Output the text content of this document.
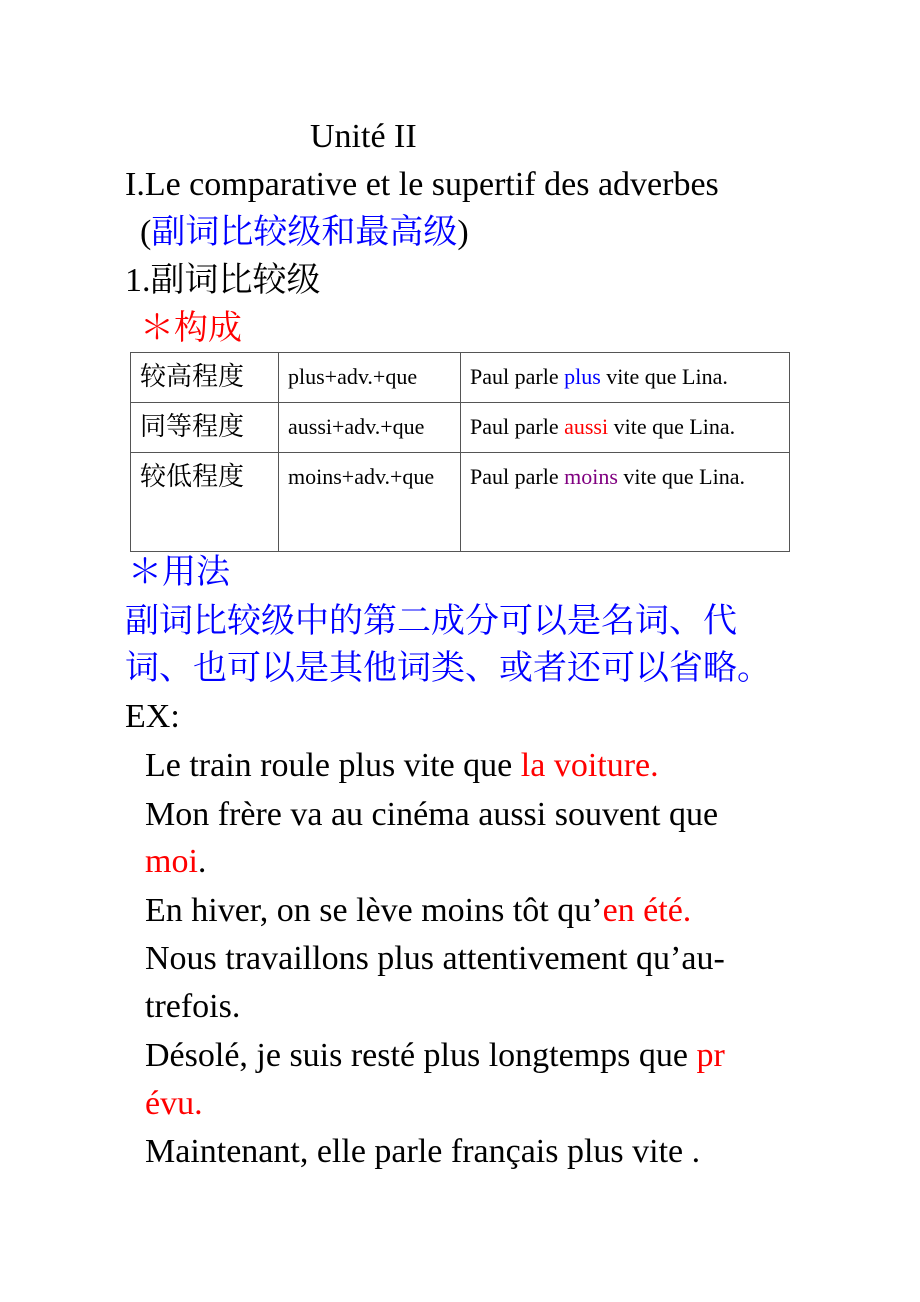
Unité II
I.Le comparative et le supertif des adverbes
(副词比较级和最高级)
1.副词比较级
＊构成
较高程度	plus+adv.+que	Paul parle plus vite que Lina.
同等程度	aussi+adv.+que	Paul parle aussi vite que Lina.
较低程度	moins+adv.+que	Paul parle moins vite que Lina.
＊用法
副词比较级中的第二成分可以是名词、代
词、也可以是其他词类、或者还可以省略。
EX:
Le train roule plus vite que la voiture.
Mon frère va au cinéma aussi souvent que
moi.
En hiver, on se lève moins tôt qu’en été.
Nous travaillons plus attentivement qu’au-
trefois.
Désolé, je suis resté plus longtemps que pr
évu.
Maintenant, elle parle français plus vite .
